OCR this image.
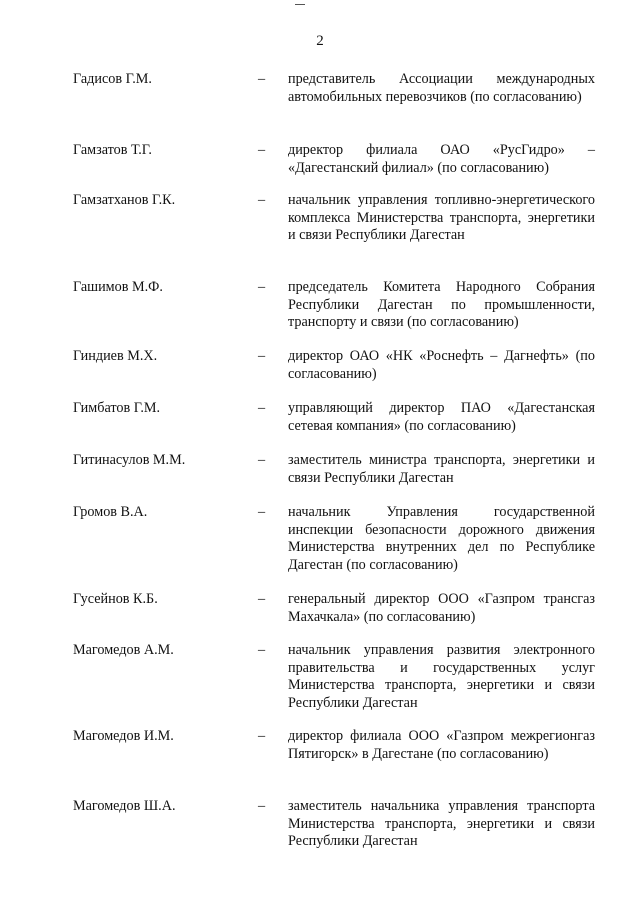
2
Гадисов Г.М.	– представитель Ассоциации международных автомобильных перевозчиков (по согласованию)
Гамзатов Т.Г.	– директор филиала ОАО «РусГидро» – «Дагестанский филиал» (по согласованию)
Гамзатханов Г.К.	– начальник управления топливно-энергетического комплекса Министерства транспорта, энергетики и связи Республики Дагестан
Гашимов М.Ф.	– председатель Комитета Народного Собрания Республики Дагестан по промышленности, транспорту и связи (по согласованию)
Гиндиев М.Х.	– директор ОАО «НК «Роснефть – Дагнефть» (по согласованию)
Гимбатов Г.М.	– управляющий директор ПАО «Дагестанская сетевая компания» (по согласованию)
Гитинасулов М.М.	– заместитель министра транспорта, энергетики и связи Республики Дагестан
Громов В.А.	– начальник Управления государственной инспекции безопасности дорожного движения Министерства внутренних дел по Республике Дагестан (по согласованию)
Гусейнов К.Б.	– генеральный директор ООО «Газпром трансгаз Махачкала» (по согласованию)
Магомедов А.М.	– начальник управления развития электронного правительства и государственных услуг Министерства транспорта, энергетики и связи Республики Дагестан
Магомедов И.М.	– директор филиала ООО «Газпром межрегионгаз Пятигорск» в Дагестане (по согласованию)
Магомедов Ш.А.	– заместитель начальника управления транспорта Министерства транспорта, энергетики и связи Республики Дагестан
